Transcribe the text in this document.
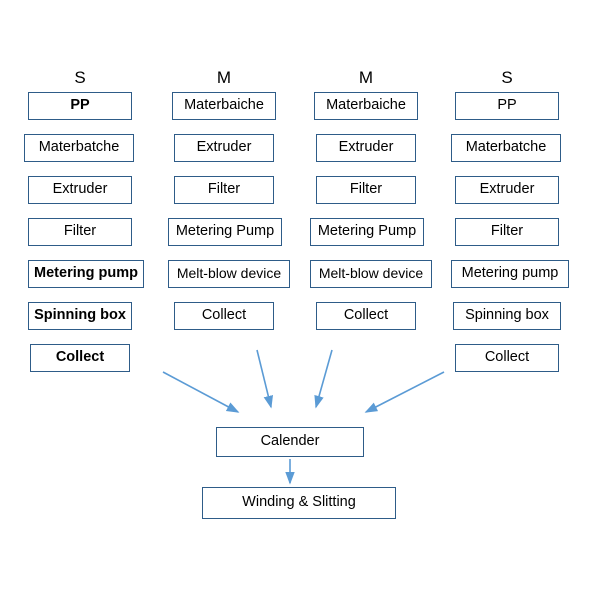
S	M	M	S
PP
Materbatche
Extruder
Filter
Metering pump
Spinning box
Collect
Materbaiche
Extruder
Filter
Metering Pump
Melt-blow device
Collect
Materbaiche
Extruder
Filter
Metering Pump
Melt-blow device
Collect
PP
Materbatche
Extruder
Filter
Metering pump
Spinning box
Collect
Calender
Winding & Slitting
